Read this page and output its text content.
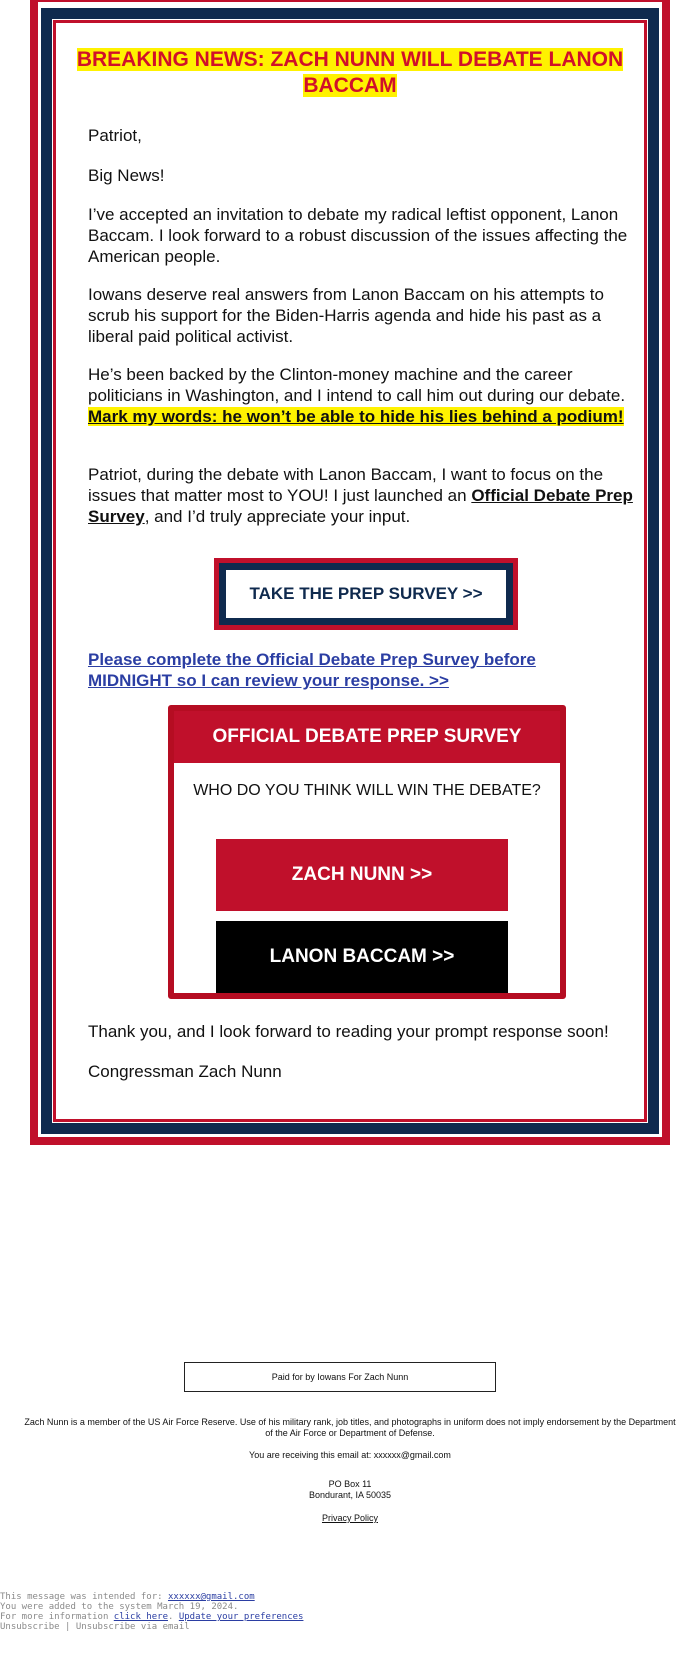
BREAKING NEWS: ZACH NUNN WILL DEBATE LANON BACCAM
Patriot,
Big News!
I’ve accepted an invitation to debate my radical leftist opponent, Lanon Baccam. I look forward to a robust discussion of the issues affecting the American people.
Iowans deserve real answers from Lanon Baccam on his attempts to scrub his support for the Biden-Harris agenda and hide his past as a liberal paid political activist.
He’s been backed by the Clinton-money machine and the career politicians in Washington, and I intend to call him out during our debate. Mark my words: he won’t be able to hide his lies behind a podium!
Patriot, during the debate with Lanon Baccam, I want to focus on the issues that matter most to YOU! I just launched an Official Debate Prep Survey, and I’d truly appreciate your input.
TAKE THE PREP SURVEY >>
Please complete the Official Debate Prep Survey before MIDNIGHT so I can review your response. >>
OFFICIAL DEBATE PREP SURVEY
WHO DO YOU THINK WILL WIN THE DEBATE?
ZACH NUNN >>
LANON BACCAM >>
Thank you, and I look forward to reading your prompt response soon!
Congressman Zach Nunn
Paid for by Iowans For Zach Nunn
Zach Nunn is a member of the US Air Force Reserve. Use of his military rank, job titles, and photographs in uniform does not imply endorsement by the Department of the Air Force or Department of Defense.
You are receiving this email at: xxxxxx@gmail.com
PO Box 11
Bondurant, IA 50035
Privacy Policy
This message was intended for: xxxxxx@gmail.com
You were added to the system March 19, 2024.
For more information click here. Update your preferences
Unsubscribe | Unsubscribe via email
